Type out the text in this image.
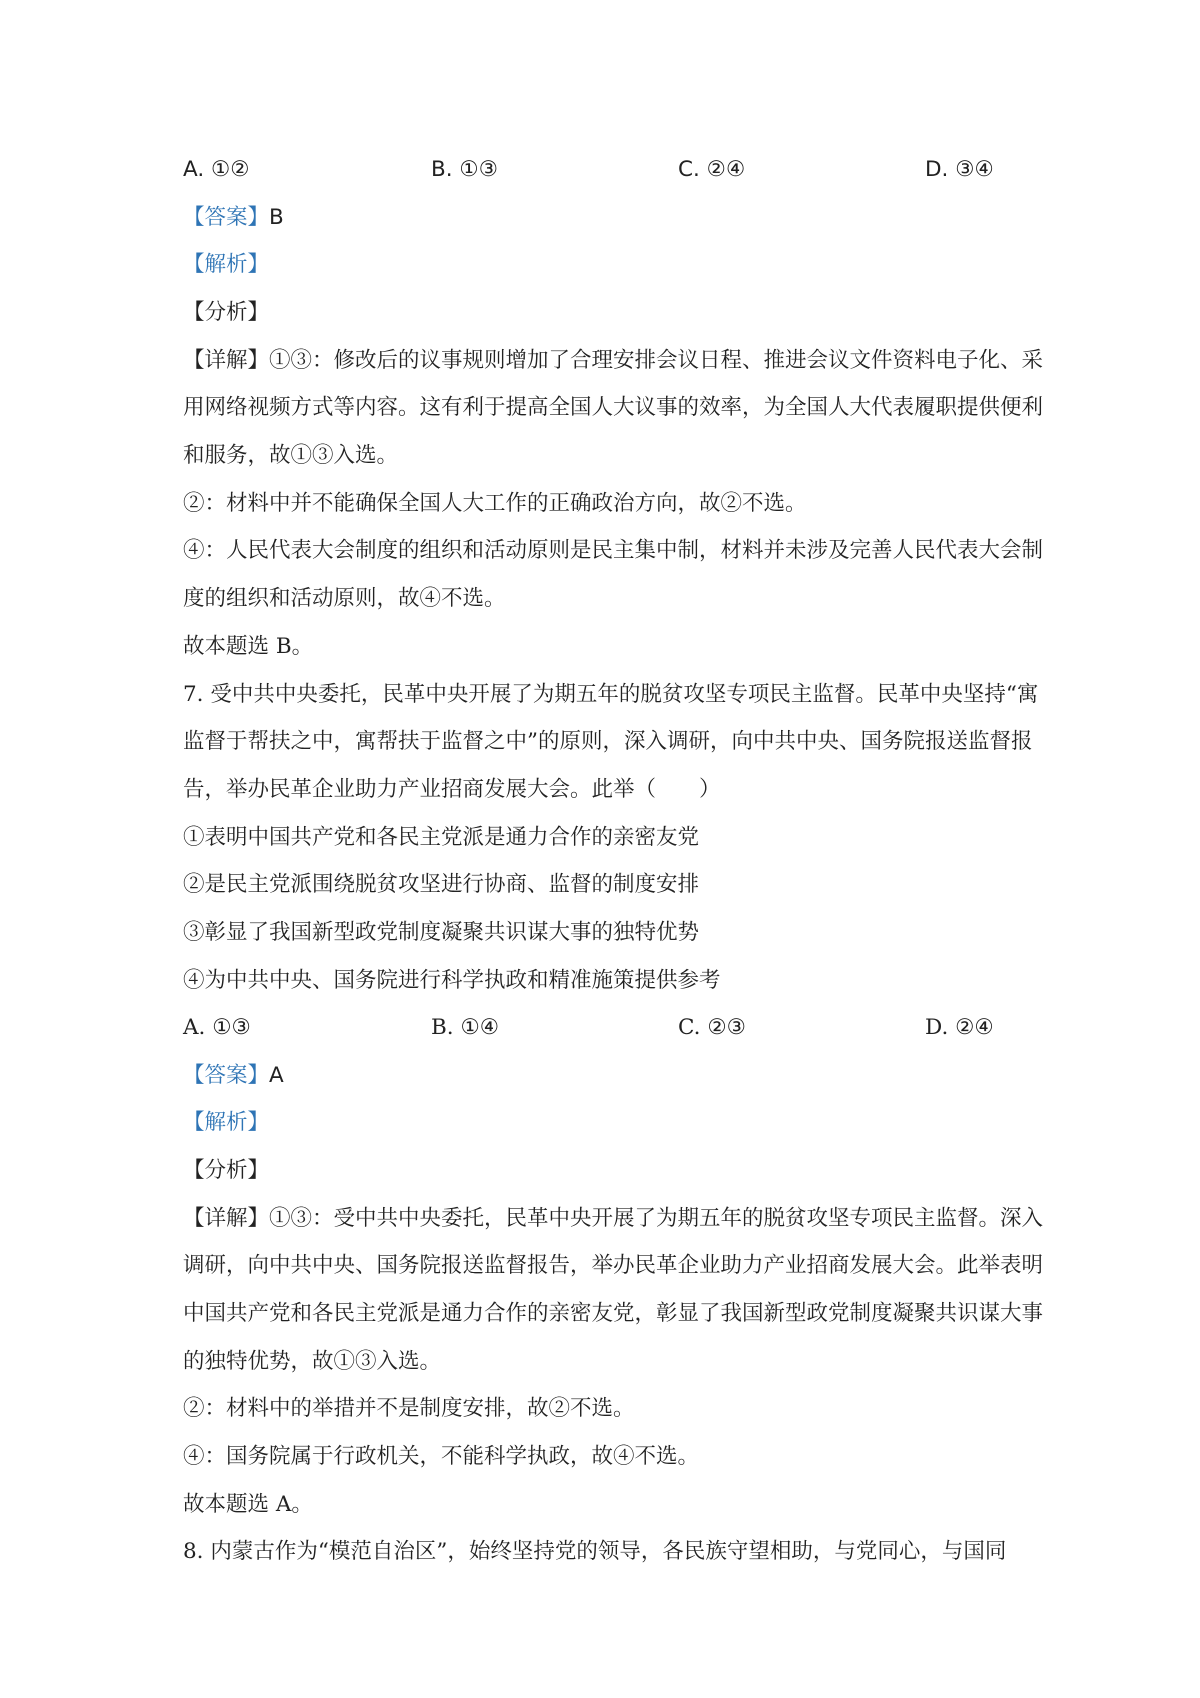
A. ①②	B. ①③	C. ②④	D. ③④
【答案】B
【解析】
【分析】
【详解】①③：修改后的议事规则增加了合理安排会议日程、推进会议文件资料电子化、采
用网络视频方式等内容。这有利于提高全国人大议事的效率，为全国人大代表履职提供便利
和服务，故①③入选。
②：材料中并不能确保全国人大工作的正确政治方向，故②不选。
④：人民代表大会制度的组织和活动原则是民主集中制，材料并未涉及完善人民代表大会制
度的组织和活动原则，故④不选。
故本题选 B。
7. 受中共中央委托，民革中央开展了为期五年的脱贫攻坚专项民主监督。民革中央坚持“寓
监督于帮扶之中，寓帮扶于监督之中”的原则，深入调研，向中共中央、国务院报送监督报
告，举办民革企业助力产业招商发展大会。此举（　　）
①表明中国共产党和各民主党派是通力合作的亲密友党
②是民主党派围绕脱贫攻坚进行协商、监督的制度安排
③彰显了我国新型政党制度凝聚共识谋大事的独特优势
④为中共中央、国务院进行科学执政和精准施策提供参考
A. ①③	B. ①④	C. ②③	D. ②④
【答案】A
【解析】
【分析】
【详解】①③：受中共中央委托，民革中央开展了为期五年的脱贫攻坚专项民主监督。深入
调研，向中共中央、国务院报送监督报告，举办民革企业助力产业招商发展大会。此举表明
中国共产党和各民主党派是通力合作的亲密友党，彰显了我国新型政党制度凝聚共识谋大事
的独特优势，故①③入选。
②：材料中的举措并不是制度安排，故②不选。
④：国务院属于行政机关，不能科学执政，故④不选。
故本题选 A。
8. 内蒙古作为“模范自治区”，始终坚持党的领导，各民族守望相助，与党同心，与国同
